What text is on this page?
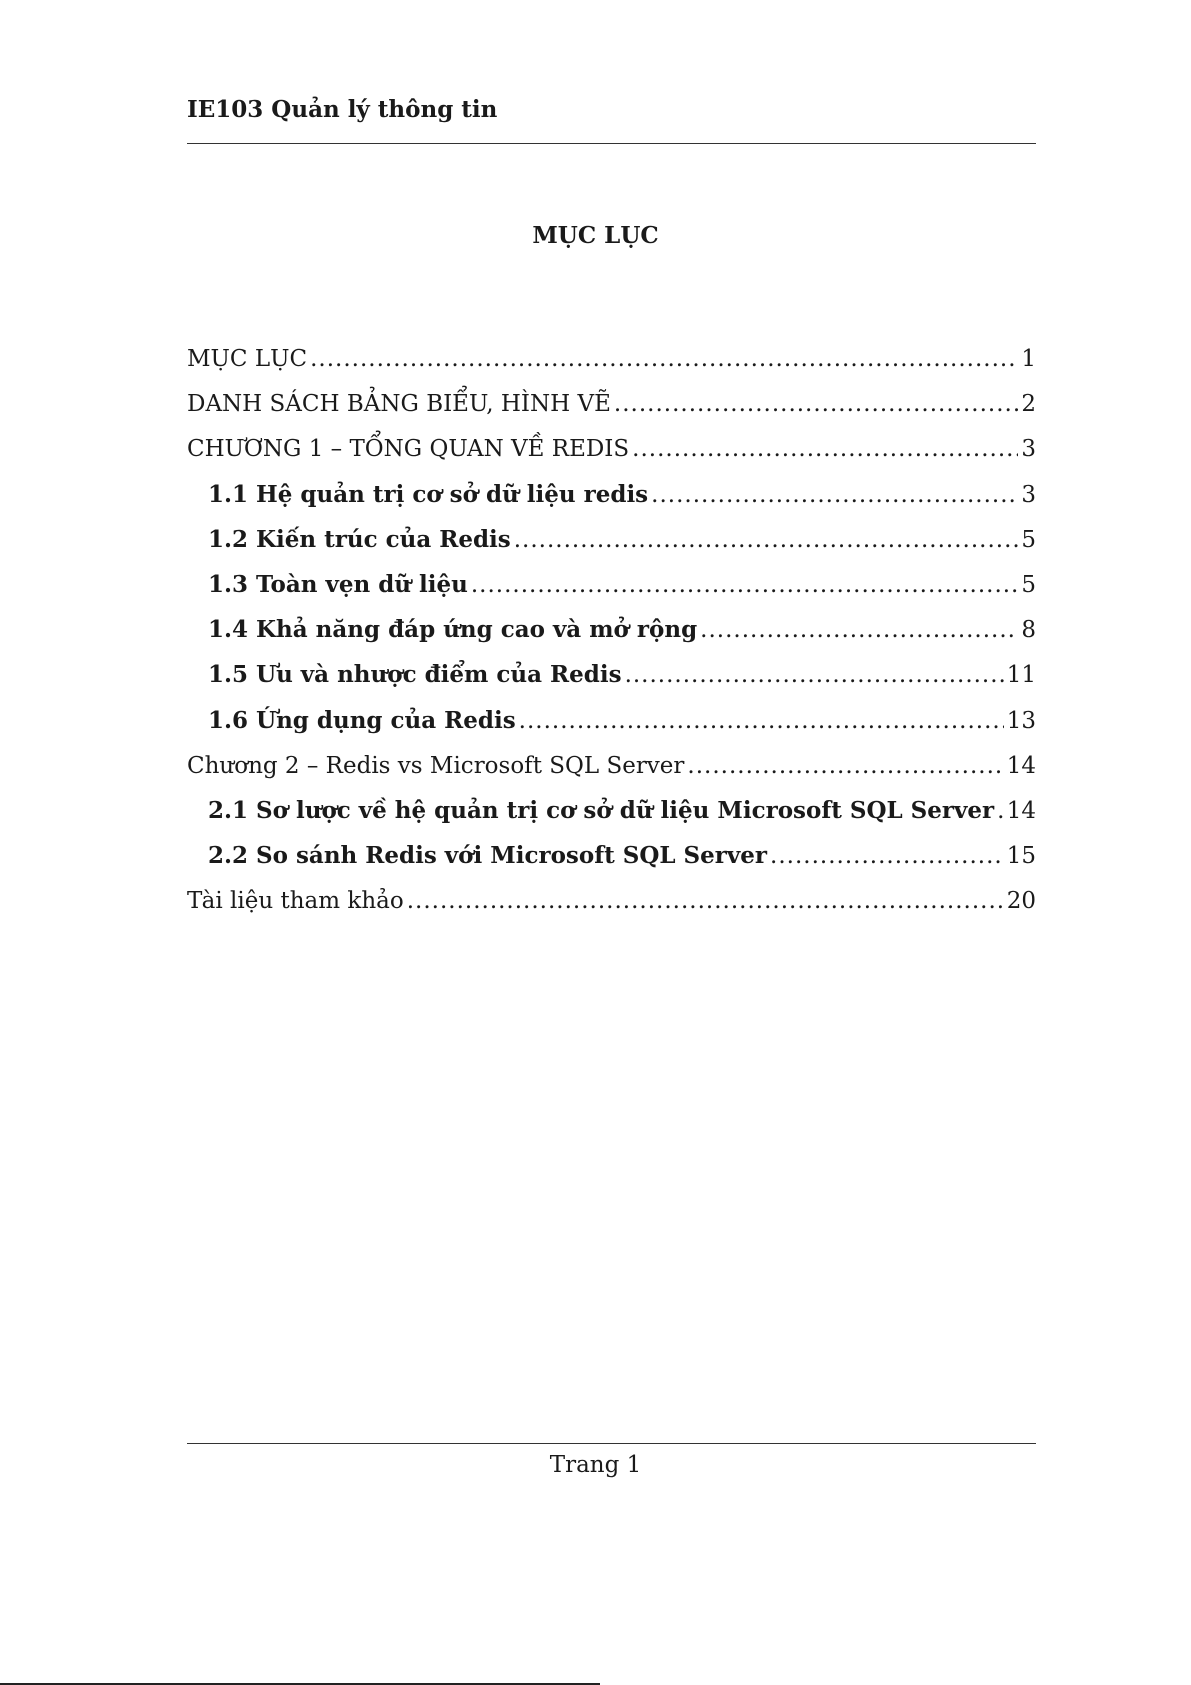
IE103 Quản lý thông tin
MỤC LỤC
MỤC LỤC .....	1
DANH SÁCH BẢNG BIỂU, HÌNH VẼ .....	2
CHƯƠNG 1 – TỔNG QUAN VỀ REDIS .....	3
1.1 Hệ quản trị cơ sở dữ liệu redis .....	3
1.2 Kiến trúc của Redis .....	5
1.3 Toàn vẹn dữ liệu .....	5
1.4 Khả năng đáp ứng cao và mở rộng .....	8
1.5 Ưu và nhược điểm của Redis .....	11
1.6 Ứng dụng của Redis .....	13
Chương 2 – Redis vs Microsoft SQL Server .....	14
2.1 Sơ lược về hệ quản trị cơ sở dữ liệu Microsoft SQL Server ..... 14
2.2 So sánh Redis với Microsoft SQL Server .....	15
Tài liệu tham khảo .....	20
Trang 1
